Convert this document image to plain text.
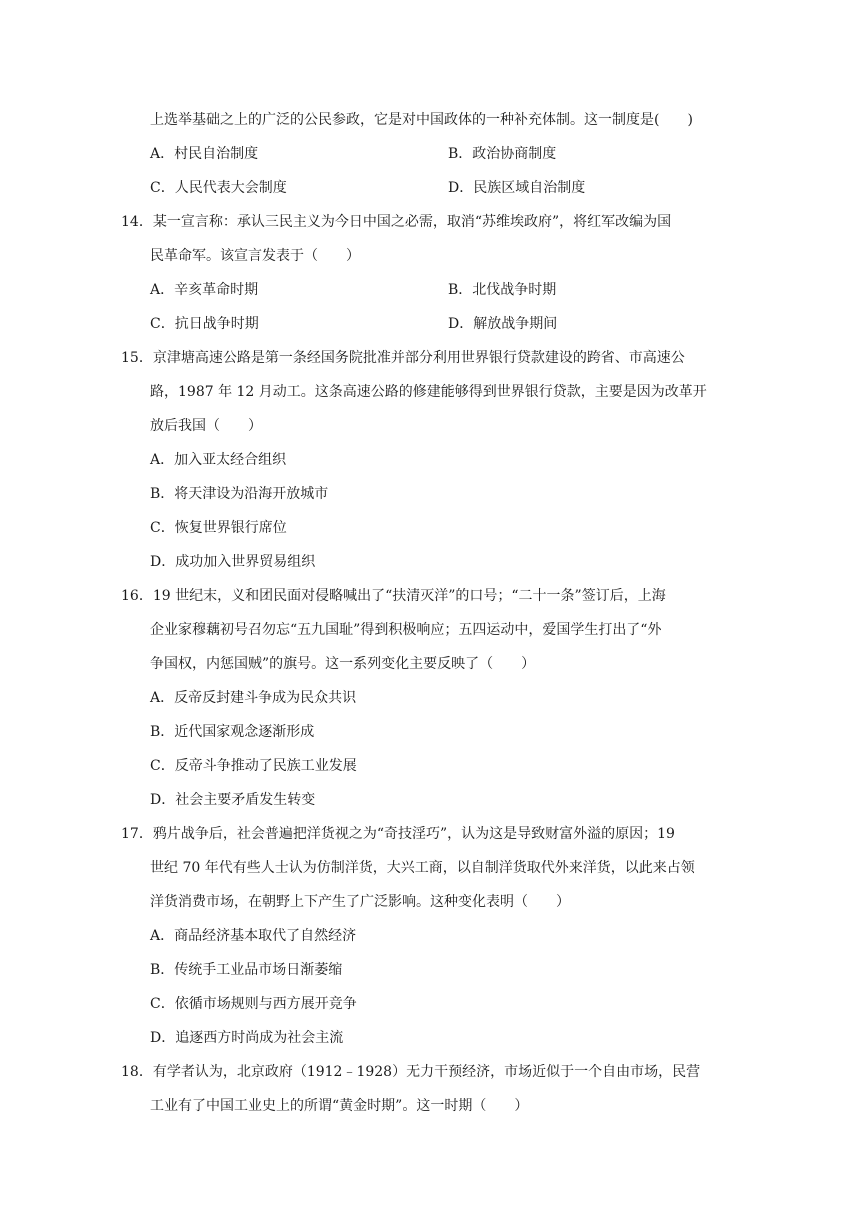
上选举基础之上的广泛的公民参政，它是对中国政体的一种补充体制。这一制度是(　　)
A．村民自治制度	B．政治协商制度
C．人民代表大会制度	D．民族区域自治制度
14．某一宣言称：承认三民主义为今日中国之必需，取消“苏维埃政府”，将红军改编为国
民革命军。该宣言发表于（　　）
A．辛亥革命时期	B．北伐战争时期
C．抗日战争时期	D．解放战争期间
15．京津塘高速公路是第一条经国务院批准并部分利用世界银行贷款建设的跨省、市高速公
路，1987 年 12 月动工。这条高速公路的修建能够得到世界银行贷款，主要是因为改革开
放后我国（　　）
A．加入亚太经合组织
B．将天津设为沿海开放城市
C．恢复世界银行席位
D．成功加入世界贸易组织
16．19 世纪末，义和团民面对侵略喊出了“扶清灭洋”的口号；“二十一条”签订后，上海
企业家穆藕初号召勿忘“五九国耻”得到积极响应；五四运动中，爱国学生打出了“外
争国权，内惩国贼”的旗号。这一系列变化主要反映了（　　）
A．反帝反封建斗争成为民众共识
B．近代国家观念逐渐形成
C．反帝斗争推动了民族工业发展
D．社会主要矛盾发生转变
17．鸦片战争后，社会普遍把洋货视之为“奇技淫巧”，认为这是导致财富外溢的原因；19
世纪 70 年代有些人士认为仿制洋货，大兴工商，以自制洋货取代外来洋货，以此来占领
洋货消费市场，在朝野上下产生了广泛影响。这种变化表明（　　）
A．商品经济基本取代了自然经济
B．传统手工业品市场日渐萎缩
C．依循市场规则与西方展开竞争
D．追逐西方时尚成为社会主流
18．有学者认为，北京政府（1912﹣1928）无力干预经济，市场近似于一个自由市场，民营
工业有了中国工业史上的所谓“黄金时期”。这一时期（　　）
